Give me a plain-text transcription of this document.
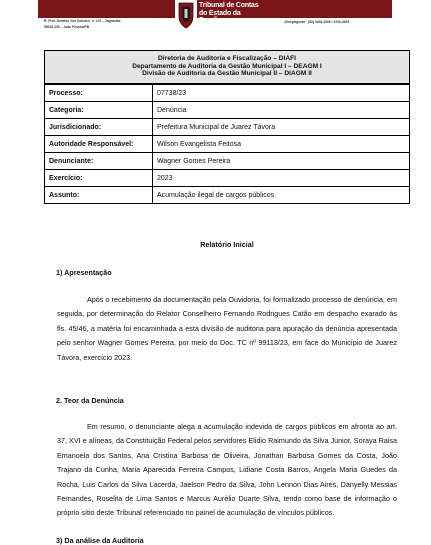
Tribunal de Contas do Estado da Paraíba
R. Prof. Geraldo Von Sohsten, nº 147 – Jaguaribe
58015-190 – João Pessoa/PB
@tcepbgovbr · (83) 3208-3300 / 3208-3303
Diretoria de Auditoria e Fiscalização – DIAFI
Departamento de Auditoria da Gestão Municipal I – DEAGM I
Divisão de Auditoria da Gestão Municipal II – DIAGM II
Processo:	07738/23
Categoria:	Denúncia
Jurisdicionado:	Prefeitura Municipal de Juarez Távora
Autoridade Responsável:	Wilson Evangelista Feitosa
Denunciante:	Wagner Gomes Pereira
Exercício:	2023
Assunto:	Acumulação ilegal de cargos públicos
Relatório Inicial
1) Apresentação

Após o recebimento da documentação pela Ouvidoria, foi formalizado processo de denúncia, em seguida, por determinação do Relator Conselheiro Fernando Rodrigues Catão em despacho exarado às fls. 45/46, a matéria foi encaminhada a esta divisão de auditoria para apuração da denúncia apresentada pelo senhor Wagner Gomes Pereira, por meio do Doc. TC nº 99113/23, em face do Município de Juarez Távora, exercício 2023.

2. Teor da Denúncia

Em resumo, o denunciante alega a acumulação indevida de cargos públicos em afronta ao art. 37, XVI e alíneas, da Constituição Federal pelos servidores Elidio Raimundo da Silva Junior, Soraya Raisa Emanoela dos Santos, Ana Cristina Barbosa de Oliveira, Jonathan Barbosa Gomes da Costa, João Trajano da Cunha, Maria Aparecida Ferreira Campos, Lidiane Costa Barros, Angela Maria Guedes da Rocha, Luis Carlos da Silva Lacerda, Jaelson Pedro da Silva, John Lennon Dias Aires, Danyelly Messias Fernandes, Roselita de Lima Santos e Marcus Aurélio Duarte Silva, tendo como base de informação o próprio sítio deste Tribunal referenciado no painel de acumulação de vínculos públicos.

3) Da análise da Auditoria
